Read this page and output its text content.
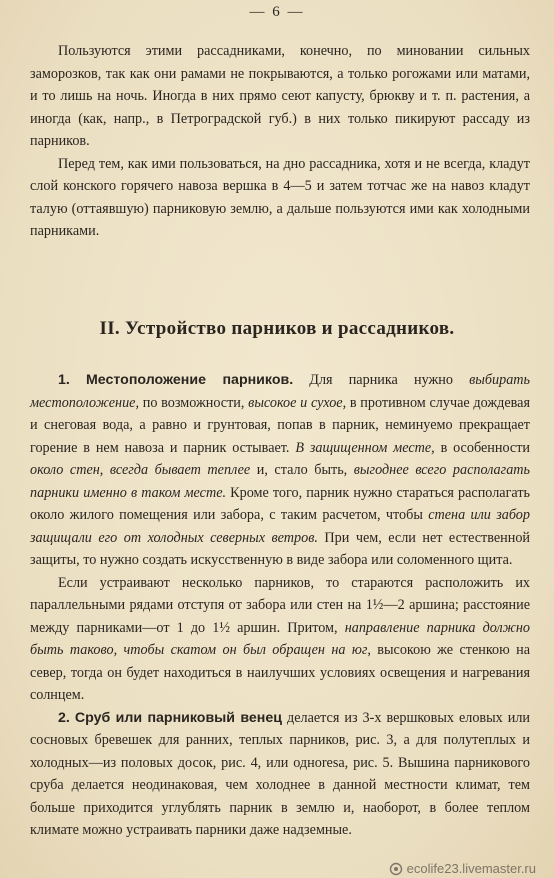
— 6 —

Пользуются этими рассадниками, конечно, по миновании сильных заморозков, так как они рамами не покрываются, а только рогожами или матами, и то лишь на ночь. Иногда в них прямо сеют капусту, брюкву и т. п. растения, а иногда (как, напр., в Петроградской губ.) в них только пикируют рассаду из парников.

Перед тем, как ими пользоваться, на дно рассадника, хотя и не всегда, кладут слой конского горячего навоза вершка в 4—5 и затем тотчас же на навоз кладут талую (оттаявшую) парниковую землю, а дальше пользуются ими как холодными парниками.

II. Устройство парников и рассадников.

1. Местоположение парников. Для парника нужно выбирать местоположение, по возможности, высокое и сухое, в противном случае дождевая и снеговая вода, а равно и грунтовая, попав в парник, неминуемо прекращает горение в нем навоза и парник остывает. В защищенном месте, в особенности около стен, всегда бывает теплее и, стало быть, выгоднее всего располагать парники именно в таком месте. Кроме того, парник нужно стараться располагать около жилого помещения или забора, с таким расчетом, чтобы стена или забор защищали его от холодных северных ветров. При чем, если нет естественной защиты, то нужно создать искусственную в виде забора или соломенного щита.

Если устраивают несколько парников, то стараются расположить их параллельными рядами отступя от забора или стен на 1½—2 аршина; расстояние между парниками—от 1 до 1½ аршин. Притом, направление парника должно быть таково, чтобы скатом он был обращен на юг, высокою же стенкою на север, тогда он будет находиться в наилучших условиях освещения и нагревания солнцем.

2. Сруб или парниковый венец делается из 3-х вершковых еловых или сосновых бревешек для ранних, теплых парников, рис. 3, а для полутеплых и холодных—из половых досок, рис. 4, или одноresа, рис. 5. Вышина парникового сруба делается неодинаковая, чем холоднее в данной местности климат, тем больше приходится углублять парник в землю и, наоборот, в более теплом климате можно устраивать парники даже надземные.

ecolife23.livemaster.ru
